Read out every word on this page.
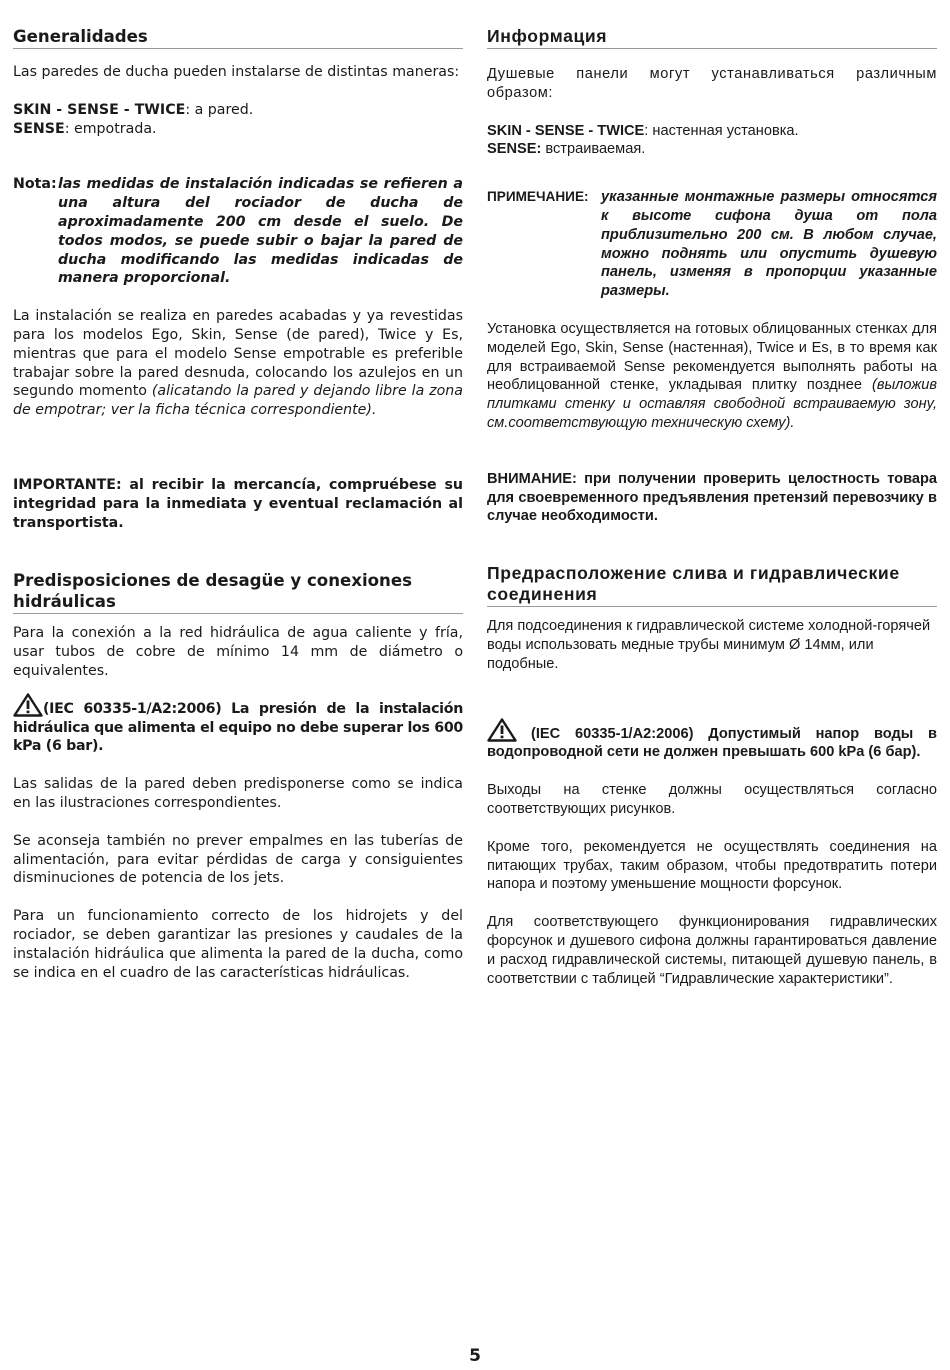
Generalidades

Las paredes de ducha pueden instalarse de distintas maneras:

SKIN - SENSE - TWICE: a pared.

SENSE: empotrada.

Nota: las medidas de instalación indicadas se refieren a una altura del rociador de ducha de aproximadamente 200 cm desde el suelo. De todos modos, se puede subir o bajar la pared de ducha modificando las medidas indicadas de manera proporcional.

La instalación se realiza en paredes acabadas y ya revestidas para los modelos Ego, Skin, Sense (de pared), Twice y Es, mientras que para el modelo Sense empotrable es preferible trabajar sobre la pared desnuda, colocando los azulejos en un segundo momento (alicatando la pared y dejando libre la zona de empotrar; ver la ficha técnica correspondiente).

IMPORTANTE: al recibir la mercancía, compruébese su integridad para la inmediata y eventual reclamación al transportista.

Predisposiciones de desagüe y conexiones hidráulicas

Para la conexión a la red hidráulica de agua caliente y fría, usar tubos de cobre de mínimo 14 mm de diámetro o equivalentes.

(IEC 60335-1/A2:2006) La presión de la instalación hidráulica que alimenta el equipo no debe superar los 600 kPa (6 bar).

Las salidas de la pared deben predisponerse como se indica en las ilustraciones correspondientes.

Se aconseja también no prever empalmes en las tuberías de alimentación, para evitar pérdidas de carga y consiguientes disminuciones de potencia de los jets.

Para un funcionamiento correcto de los hidrojets y del rociador, se deben garantizar las presiones y caudales de la instalación hidráulica que alimenta la pared de la ducha, como se indica en el cuadro de las características hidráulicas.

Информация

Душевые панели могут устанавливаться различным образом:

SKIN - SENSE - TWICE: настенная установка.

SENSE: встраиваемая.

ПРИМЕЧАНИЕ: указанные монтажные размеры относятся к высоте сифона душа от пола приблизительно 200 см. В любом случае, можно поднять или опустить душевую панель, изменяя в пропорции указанные размеры.

Установка осуществляется на готовых облицованных стенках для моделей Ego, Skin, Sense (настенная), Twice и Es, в то время как для встраиваемой Sense рекомендуется выполнять работы на необлицованной стенке, укладывая плитку позднее (выложив плитками стенку и оставляя свободной встраиваемую зону, см.соответствующую техническую схему).

ВНИМАНИЕ: при получении проверить целостность товара для своевременного предъявления претензий перевозчику в случае необходимости.

Предрасположение слива и гидравлические соединения

Для подсоединения к гидравлической системе холодной-горячей воды использовать медные трубы минимум Ø 14мм, или подобные.

(IEC 60335-1/A2:2006) Допустимый напор воды в водопроводной сети не должен превышать 600 kPa (6 бар).

Выходы на стенке должны осуществляться согласно соответствующих рисунков.

Кроме того, рекомендуется не осуществлять соединения на питающих трубах, таким образом, чтобы предотвратить потери напора и поэтому уменьшение мощности форсунок.

Для соответствующего функционирования гидравлических форсунок и душевого сифона должны гарантироваться давление и расход гидравлической системы, питающей душевую панель, в соответствии с таблицей “Гидравлические характеристики”.

5
